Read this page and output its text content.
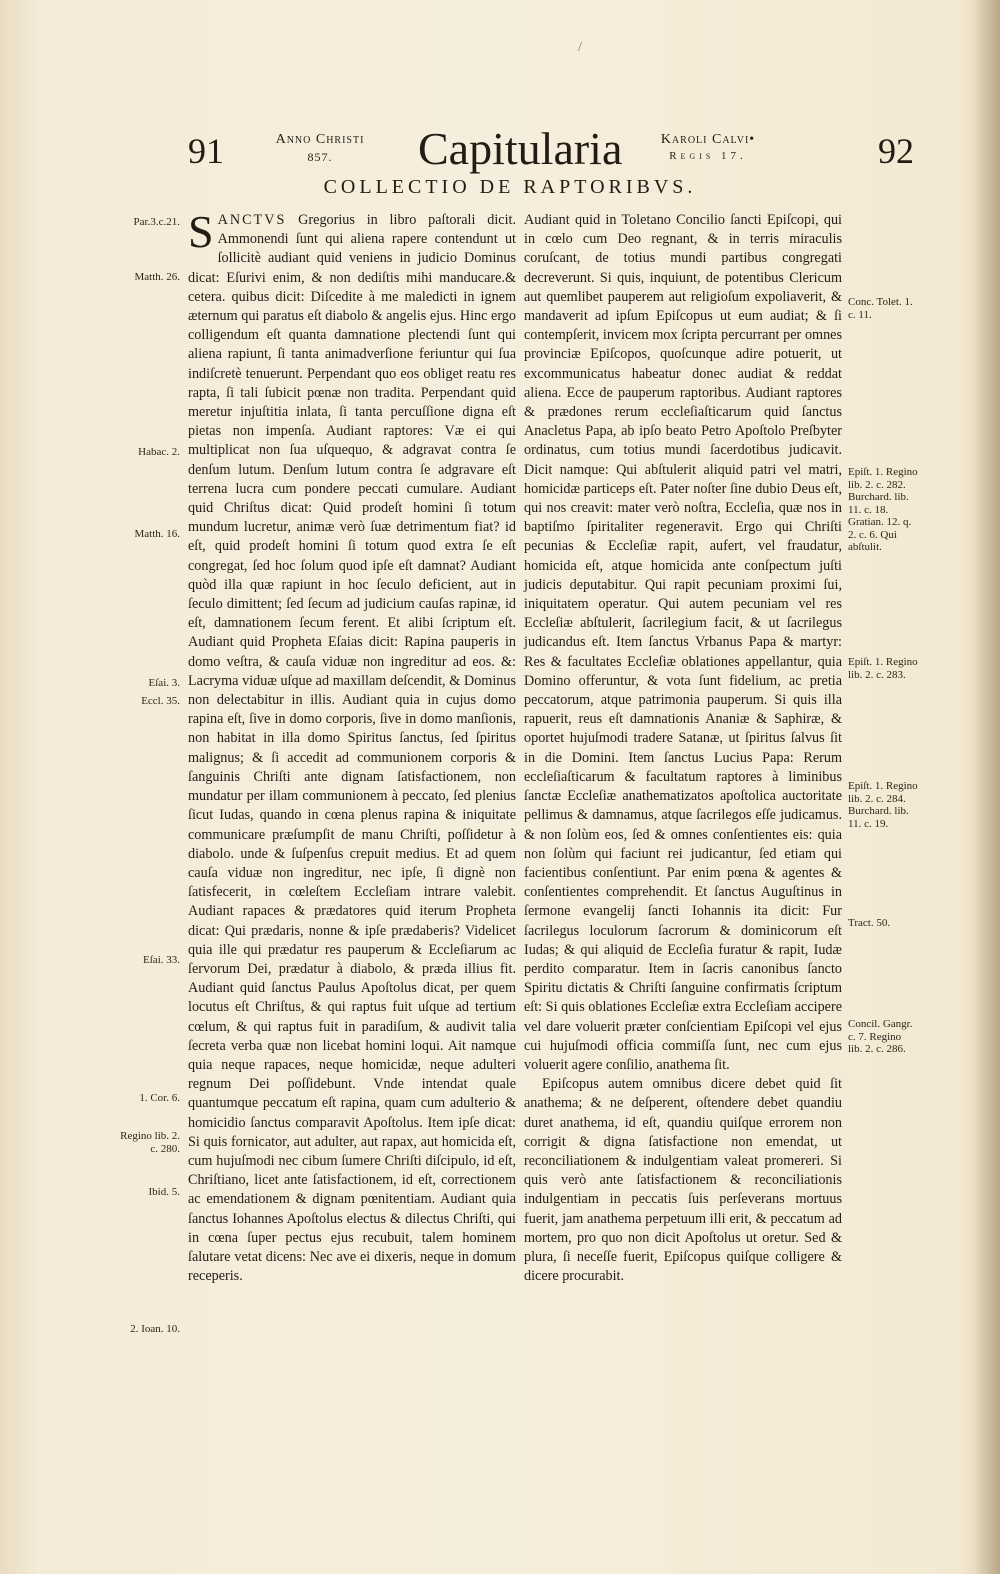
/
91	Anno Christi
857.	Capitularia	Karoli Calvi•
Regis 17.	92
COLLECTIO DE RAPTORIBVS.

SANCTVS Gregorius in libro paſtorali dicit. Ammonendi ſunt qui aliena rapere contendunt ut ſollicitè audiant quid veniens in judicio Dominus dicat: Eſurivi enim, & non dediſtis mihi manducare.& cetera. quibus dicit: Diſcedite à me maledicti in ignem æternum qui paratus eſt diabolo & angelis ejus. Hinc ergo colligendum eſt quanta damnatione plectendi ſunt qui aliena rapiunt, ſi tanta animadverſione feriuntur qui ſua indiſcretè tenuerunt. Perpendant quo eos obliget reatu res rapta, ſi tali ſubicit pœnæ non tradita. Perpendant quid meretur injuſtitia inlata, ſi tanta percuſſione digna eſt pietas non impenſa. Audiant raptores: Væ ei qui multiplicat non ſua uſquequo, & adgravat contra ſe denſum lutum. Denſum lutum contra ſe adgravare eſt terrena lucra cum pondere peccati cumulare. Audiant quid Chriſtus dicat: Quid prodeſt homini ſi totum mundum lucretur, animæ verò ſuæ detrimentum fiat? id eſt, quid prodeſt homini ſi totum quod extra ſe eſt congregat, ſed hoc ſolum quod ipſe eſt damnat? Audiant quòd illa quæ rapiunt in hoc ſeculo deficient, aut in ſeculo dimittent; ſed ſecum ad judicium cauſas rapinæ, id eſt, damnationem ſecum ferent. Et alibi ſcriptum eſt. Audiant quid Propheta Eſaias dicit: Rapina pauperis in domo veſtra, & cauſa viduæ non ingreditur ad eos. &: Lacryma viduæ uſque ad maxillam deſcendit, & Dominus non delectabitur in illis. Audiant quia in cujus domo rapina eſt, ſive in domo corporis, ſive in domo manſionis, non habitat in illa domo Spiritus ſanctus, ſed ſpiritus malignus; & ſi accedit ad communionem corporis & ſanguinis Chriſti ante dignam ſatisfactionem, non mundatur per illam communionem à peccato, ſed plenius ſicut Iudas, quando in cœna plenus rapina & iniquitate communicare præſumpſit de manu Chriſti, poſſidetur à diabolo. unde & ſuſpenſus crepuit medius. Et ad quem cauſa viduæ non ingreditur, nec ipſe, ſi dignè non ſatisfecerit, in cœleſtem Eccleſiam intrare valebit. Audiant rapaces & prædatores quid iterum Propheta dicat: Qui prædaris, nonne & ipſe prædaberis? Videlicet quia ille qui prædatur res pauperum & Eccleſiarum ac ſervorum Dei, prædatur à diabolo, & præda illius fit. Audiant quid ſanctus Paulus Apoſtolus dicat, per quem locutus eſt Chriſtus, & qui raptus fuit uſque ad tertium cœlum, & qui raptus fuit in paradiſum, & audivit talia ſecreta verba quæ non licebat homini loqui. Ait namque quia neque rapaces, neque homicidæ, neque adulteri regnum Dei poſſidebunt. Vnde intendat quale quantumque peccatum eſt rapina, quam cum adulterio & homicidio ſanctus comparavit Apoſtolus. Item ipſe dicat: Si quis fornicator, aut adulter, aut rapax, aut homicida eſt, cum hujuſmodi nec cibum ſumere Chriſti diſcipulo, id eſt, Chriſtiano, licet ante ſatisfactionem, id eſt, correctionem ac emendationem & dignam pœnitentiam. Audiant quia ſanctus Iohannes Apoſtolus electus & dilectus Chriſti, qui in cœna ſuper pectus ejus recubuit, talem hominem ſalutare vetat dicens: Nec ave ei dixeris, neque in domum receperis.

Audiant quid in Toletano Concilio ſancti Epiſcopi, qui in cœlo cum Deo regnant, & in terris miraculis coruſcant, de totius mundi partibus congregati decreverunt. Si quis, inquiunt, de potentibus Clericum aut quemlibet pauperem aut religioſum expoliaverit, & mandaverit ad ipſum Epiſcopus ut eum audiat; & ſi contempſerit, invicem mox ſcripta percurrant per omnes provinciæ Epiſcopos, quoſcunque adire potuerit, ut excommunicatus habeatur donec audiat & reddat aliena. Ecce de pauperum raptoribus. Audiant raptores & prædones rerum eccleſiaſticarum quid ſanctus Anacletus Papa, ab ipſo beato Petro Apoſtolo Preſbyter ordinatus, cum totius mundi ſacerdotibus judicavit. Dicit namque: Qui abſtulerit aliquid patri vel matri, homicidæ particeps eſt. Pater noſter ſine dubio Deus eſt, qui nos creavit: mater verò noſtra, Eccleſia, quæ nos in baptiſmo ſpiritaliter regeneravit. Ergo qui Chriſti pecunias & Eccleſiæ rapit, aufert, vel fraudatur, homicida eſt, atque homicida ante conſpectum juſti judicis deputabitur. Qui rapit pecuniam proximi ſui, iniquitatem operatur. Qui autem pecuniam vel res Eccleſiæ abſtulerit, ſacrilegium facit, & ut ſacrilegus judicandus eſt. Item ſanctus Vrbanus Papa & martyr: Res & facultates Eccleſiæ oblationes appellantur, quia Domino offeruntur, & vota ſunt fidelium, ac pretia peccatorum, atque patrimonia pauperum. Si quis illa rapuerit, reus eſt damnationis Ananiæ & Saphiræ, & oportet hujuſmodi tradere Satanæ, ut ſpiritus ſalvus ſit in die Domini. Item ſanctus Lucius Papa: Rerum eccleſiaſticarum & facultatum raptores à liminibus ſanctæ Eccleſiæ anathematizatos apoſtolica auctoritate pellimus & damnamus, atque ſacrilegos eſſe judicamus. & non ſolùm eos, ſed & omnes conſentientes eis: quia non ſolùm qui faciunt rei judicantur, ſed etiam qui facientibus conſentiunt. Par enim pœna & agentes & conſentientes comprehendit. Et ſanctus Auguſtinus in ſermone evangelij ſancti Iohannis ita dicit: Fur ſacrilegus loculorum ſacrorum & dominicorum eſt Iudas; & qui aliquid de Eccleſia furatur & rapit, Iudæ perdito comparatur. Item in ſacris canonibus ſancto Spiritu dictatis & Chriſti ſanguine confirmatis ſcriptum eſt: Si quis oblationes Eccleſiæ extra Eccleſiam accipere vel dare voluerit præter conſcientiam Epiſcopi vel ejus cui hujuſmodi officia commiſſa ſunt, nec cum ejus voluerit agere conſilio, anathema ſit.

Epiſcopus autem omnibus dicere debet quid ſit anathema; & ne deſperent, oſtendere debet quandiu duret anathema, id eſt, quandiu quiſque errorem non corrigit & digna ſatisfactione non emendat, ut reconciliationem & indulgentiam valeat promereri. Si quis verò ante ſatisfactionem & reconciliationis indulgentiam in peccatis ſuis perſeverans mortuus fuerit, jam anathema perpetuum illi erit, & peccatum ad mortem, pro quo non dicit Apoſtolus ut oretur. Sed & plura, ſi neceſſe fuerit, Epiſcopus quiſque colligere & dicere procurabit.

Par.3.c.21.
Matth. 26.
Habac. 2.
Matth. 16.
Eſai. 3.
Eccl. 35.
Eſai. 33.
1. Cor. 6.
Regino lib. 2. c. 280.
Ibid. 5.
2. Ioan. 10.
Conc. Tolet. 1. c. 11.
Epiſt. 1. Regino lib. 2. c. 282. Burchard. lib. 11. c. 18. Gratian. 12. q. 2. c. 6. Qui abſtulit.
Epiſt. 1. Regino lib. 2. c. 283.
Epiſt. 1. Regino lib. 2. c. 284. Burchard. lib. 11. c. 19.
Tract. 50.
Concil. Gangr. c. 7. Regino lib. 2. c. 286.
